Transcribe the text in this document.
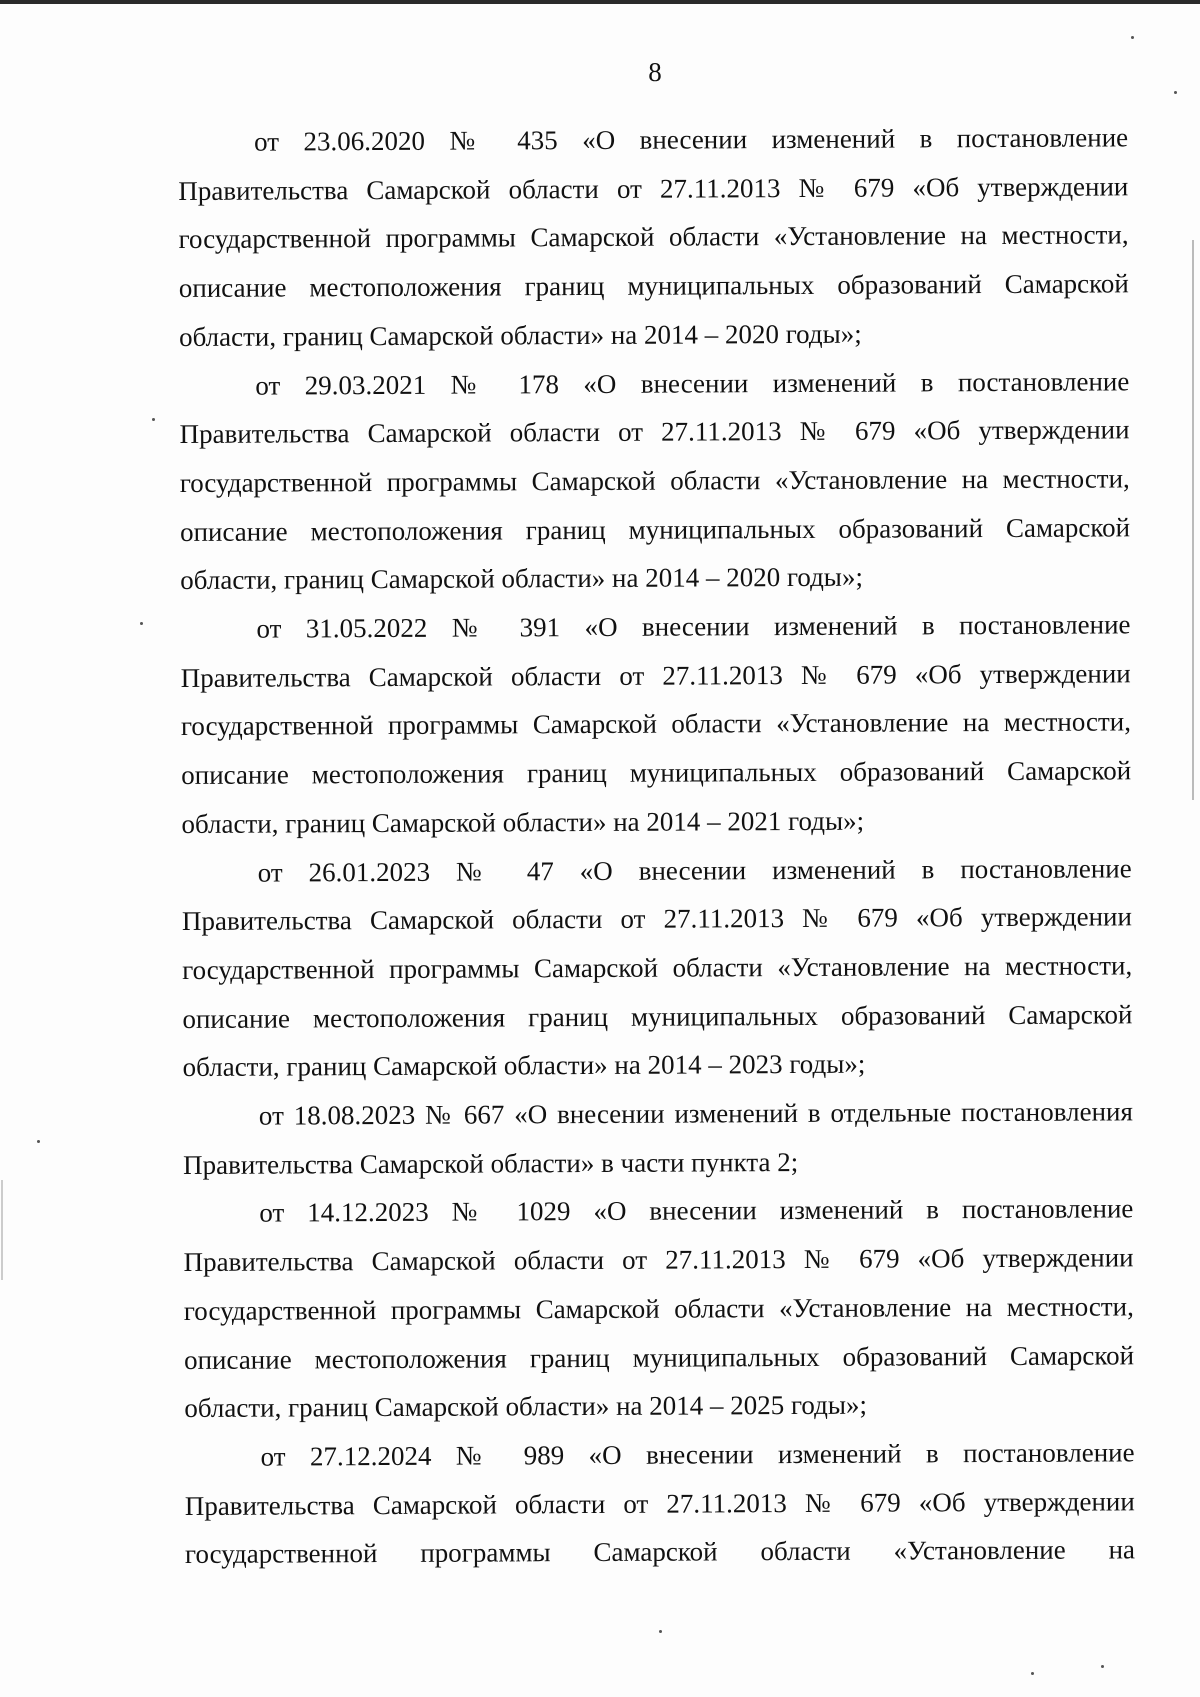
8

от 23.06.2020 № 435 «О внесении изменений в постановление Правительства Самарской области от 27.11.2013 № 679 «Об утверждении государственной программы Самарской области «Установление на местности, описание местоположения границ муниципальных образований Самарской области, границ Самарской области» на 2014 – 2020 годы»;

от 29.03.2021 № 178 «О внесении изменений в постановление Правительства Самарской области от 27.11.2013 № 679 «Об утверждении государственной программы Самарской области «Установление на местности, описание местоположения границ муниципальных образований Самарской области, границ Самарской области» на 2014 – 2020 годы»;

от 31.05.2022 № 391 «О внесении изменений в постановление Правительства Самарской области от 27.11.2013 № 679 «Об утверждении государственной программы Самарской области «Установление на местности, описание местоположения границ муниципальных образований Самарской области, границ Самарской области» на 2014 – 2021 годы»;

от 26.01.2023 № 47 «О внесении изменений в постановление Правительства Самарской области от 27.11.2013 № 679 «Об утверждении государственной программы Самарской области «Установление на местности, описание местоположения границ муниципальных образований Самарской области, границ Самарской области» на 2014 – 2023 годы»;

от 18.08.2023 № 667 «О внесении изменений в отдельные постановления Правительства Самарской области» в части пункта 2;

от 14.12.2023 № 1029 «О внесении изменений в постановление Правительства Самарской области от 27.11.2013 № 679 «Об утверждении государственной программы Самарской области «Установление на местности, описание местоположения границ муниципальных образований Самарской области, границ Самарской области» на 2014 – 2025 годы»;

от 27.12.2024 № 989 «О внесении изменений в постановление Правительства Самарской области от 27.11.2013 № 679 «Об утверждении государственной программы Самарской области «Установление на
